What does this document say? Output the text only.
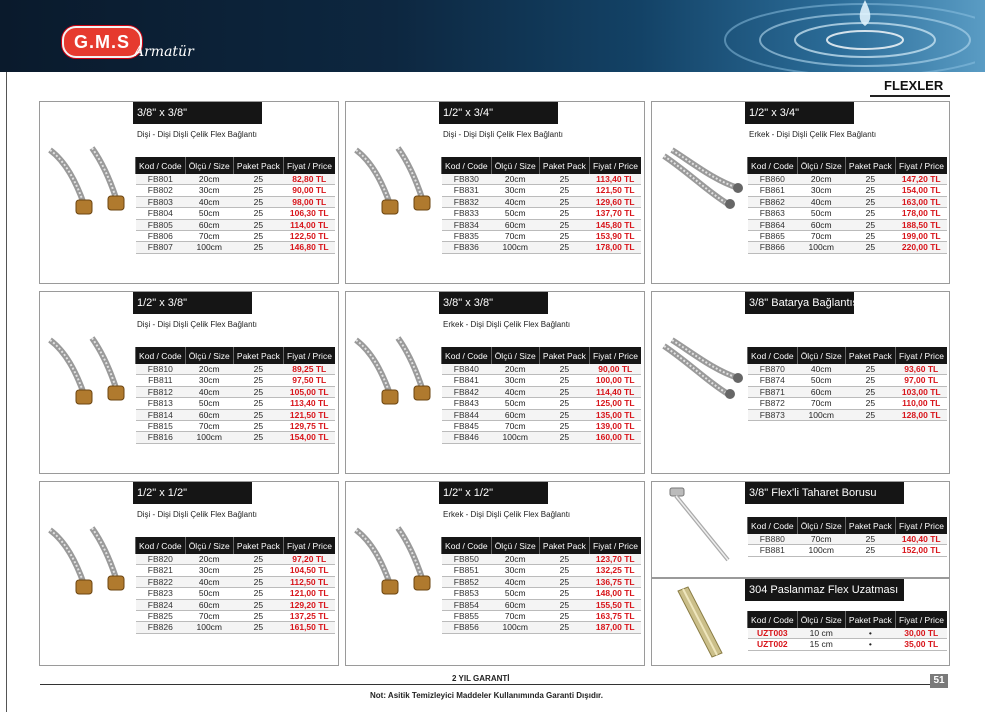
G.M.S Armatür
FLEXLER
3/8" x 3/8"
Dişi - Dişi Dişli Çelik Flex Bağlantı
Kod / Code	Ölçü / Size	Paket Pack	Fiyat / Price
FB801	20cm	25	82,80 TL
FB802	30cm	25	90,00 TL
FB803	40cm	25	98,00 TL
FB804	50cm	25	106,30 TL
FB805	60cm	25	114,00 TL
FB806	70cm	25	122,50 TL
FB807	100cm	25	146,80 TL
1/2" x 3/4"
Dişi - Dişi Dişli Çelik Flex Bağlantı
Kod / Code	Ölçü / Size	Paket Pack	Fiyat / Price
FB830	20cm	25	113,40 TL
FB831	30cm	25	121,50 TL
FB832	40cm	25	129,60 TL
FB833	50cm	25	137,70 TL
FB834	60cm	25	145,80 TL
FB835	70cm	25	153,90 TL
FB836	100cm	25	178,00 TL
1/2" x 3/4"
Erkek - Dişi Dişli Çelik Flex Bağlantı
Kod / Code	Ölçü / Size	Paket Pack	Fiyat / Price
FB860	20cm	25	147,20 TL
FB861	30cm	25	154,00 TL
FB862	40cm	25	163,00 TL
FB863	50cm	25	178,00 TL
FB864	60cm	25	188,50 TL
FB865	70cm	25	199,00 TL
FB866	100cm	25	220,00 TL
1/2" x 3/8"
Dişi - Dişi Dişli Çelik Flex Bağlantı
Kod / Code	Ölçü / Size	Paket Pack	Fiyat / Price
FB810	20cm	25	89,25 TL
FB811	30cm	25	97,50 TL
FB812	40cm	25	105,00 TL
FB813	50cm	25	113,40 TL
FB814	60cm	25	121,50 TL
FB815	70cm	25	129,75 TL
FB816	100cm	25	154,00 TL
3/8" x 3/8"
Erkek - Dişi Dişli Çelik Flex Bağlantı
Kod / Code	Ölçü / Size	Paket Pack	Fiyat / Price
FB840	20cm	25	90,00 TL
FB841	30cm	25	100,00 TL
FB842	40cm	25	114,40 TL
FB843	50cm	25	125,00 TL
FB844	60cm	25	135,00 TL
FB845	70cm	25	139,00 TL
FB846	100cm	25	160,00 TL
3/8" Batarya Bağlantısı Çelik Flex
Kod / Code	Ölçü / Size	Paket Pack	Fiyat / Price
FB870	40cm	25	93,60 TL
FB874	50cm	25	97,00 TL
FB871	60cm	25	103,00 TL
FB872	70cm	25	110,00 TL
FB873	100cm	25	128,00 TL
1/2" x 1/2"
Dişi - Dişi Dişli Çelik Flex Bağlantı
Kod / Code	Ölçü / Size	Paket Pack	Fiyat / Price
FB820	20cm	25	97,20 TL
FB821	30cm	25	104,50 TL
FB822	40cm	25	112,50 TL
FB823	50cm	25	121,00 TL
FB824	60cm	25	129,20 TL
FB825	70cm	25	137,25 TL
FB826	100cm	25	161,50 TL
1/2" x 1/2"
Erkek - Dişi Dişli Çelik Flex Bağlantı
Kod / Code	Ölçü / Size	Paket Pack	Fiyat / Price
FB850	20cm	25	123,70 TL
FB851	30cm	25	132,25 TL
FB852	40cm	25	136,75 TL
FB853	50cm	25	148,00 TL
FB854	60cm	25	155,50 TL
FB855	70cm	25	163,75 TL
FB856	100cm	25	187,00 TL
3/8" Flex'li Taharet Borusu
Kod / Code	Ölçü / Size	Paket Pack	Fiyat / Price
FB880	70cm	25	140,40 TL
FB881	100cm	25	152,00 TL
304 Paslanmaz Flex Uzatması
Kod / Code	Ölçü / Size	Paket Pack	Fiyat / Price
UZT003	10 cm	•	30,00 TL
UZT002	15 cm	•	35,00 TL
2 YIL GARANTİ
Not: Asitik Temizleyici Maddeler Kullanımında Garanti Dışıdır.
51
